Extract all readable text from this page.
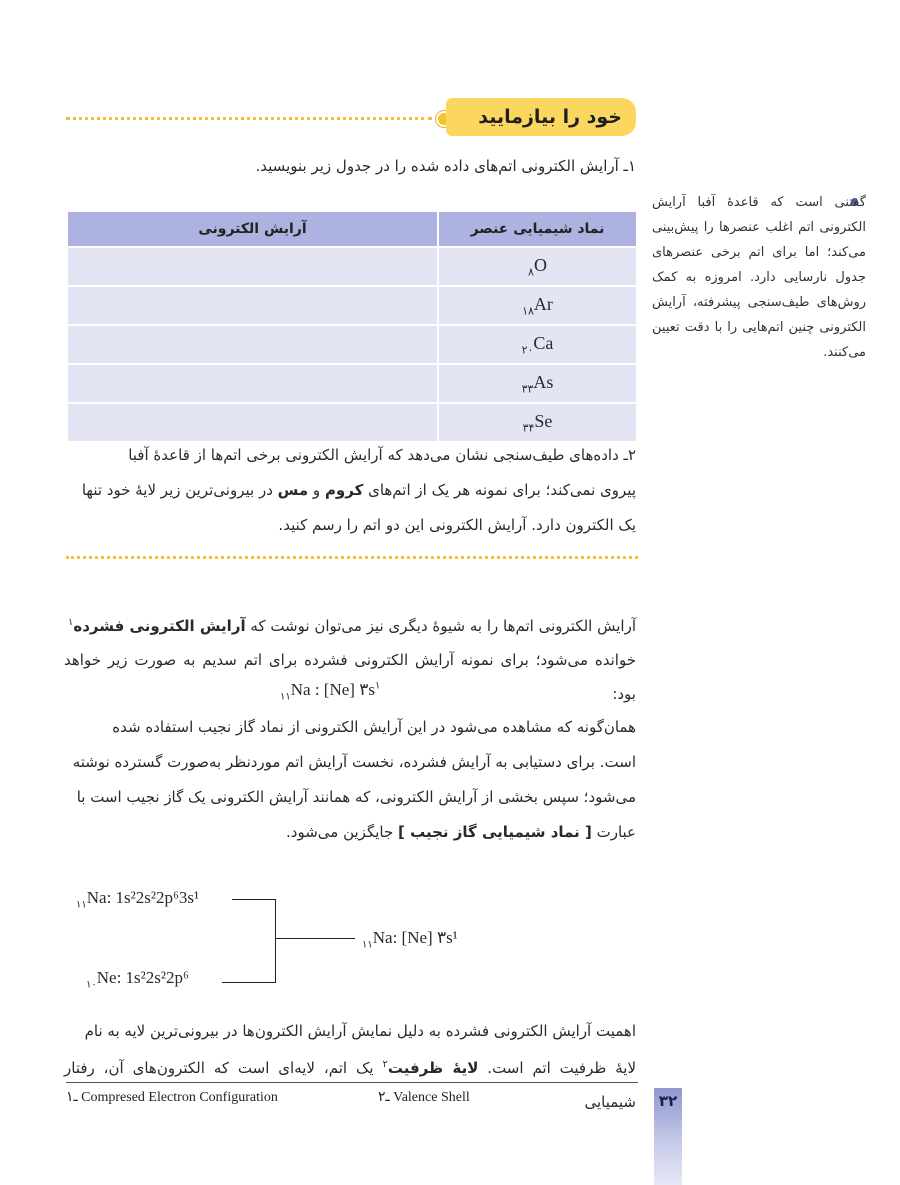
خود را بیازمایید
۱ـ آرایش الکترونی اتم‌های داده شده را در جدول زیر بنویسید.
نماد شیمیایی عنصر	آرایش الکترونی
$_۸$O	
$_{۱۸}$Ar	
$_{۲۰}$Ca	
$_{۳۳}$As	
$_{۳۴}$Se	
گفتنی است که قاعدۀ آفبا آرایش الکترونی اتم اغلب عنصرها را پیش‌بینی می‌کند؛ اما برای اتم برخی عنصرهای جدول نارسایی دارد. امروزه به کمک روش‌های طیف‌سنجی پیشرفته، آرایش الکترونی چنین اتم‌هایی را با دقت تعیین می‌کنند.
۲ـ داده‌های طیف‌سنجی نشان می‌دهد که آرایش الکترونی برخی اتم‌ها از قاعدۀ آفبا
پیروی نمی‌کند؛ برای نمونه هر یک از اتم‌های کروم و مس در بیرونی‌ترین زیر لایۀ خود تنها
یک الکترون دارد. آرایش الکترونی این دو اتم را رسم کنید.
آرایش الکترونی اتم‌ها را به شیوۀ دیگری نیز می‌توان نوشت که آرایش الکترونی فشرده$^۱$
خوانده می‌شود؛ برای نمونه آرایش الکترونی فشرده برای اتم سدیم به صورت زیر خواهد بود:
$_{۱۱}$Na : [Ne] $۳s^۱$
همان‌گونه که مشاهده می‌شود در این آرایش الکترونی از نماد گاز نجیب استفاده شده
است. برای دستیابی به آرایش فشرده، نخست آرایش اتم موردنظر به‌صورت گسترده نوشته
می‌شود؛ سپس بخشی از آرایش الکترونی، که همانند آرایش الکترونی یک گاز نجیب است با
عبارت [ نماد شیمیایی گاز نجیب ] جایگزین می‌شود.
$_{۱۱}$Na: 1s²2s²2p⁶3s¹
$_{۱۰}$Ne: 1s²2s²2p⁶
$_{۱۱}$Na: [Ne] ۳s¹
اهمیت آرایش الکترونی فشرده به دلیل نمایش آرایش الکترون‌ها در بیرونی‌ترین لایه به نام
لایۀ ظرفیت اتم است. لایۀ ظرفیت$^۲$ یک اتم، لایه‌ای است که الکترون‌های آن، رفتار شیمیایی
۱ـ Compresed Electron Configuration	۲ـ Valence Shell	۳۲
